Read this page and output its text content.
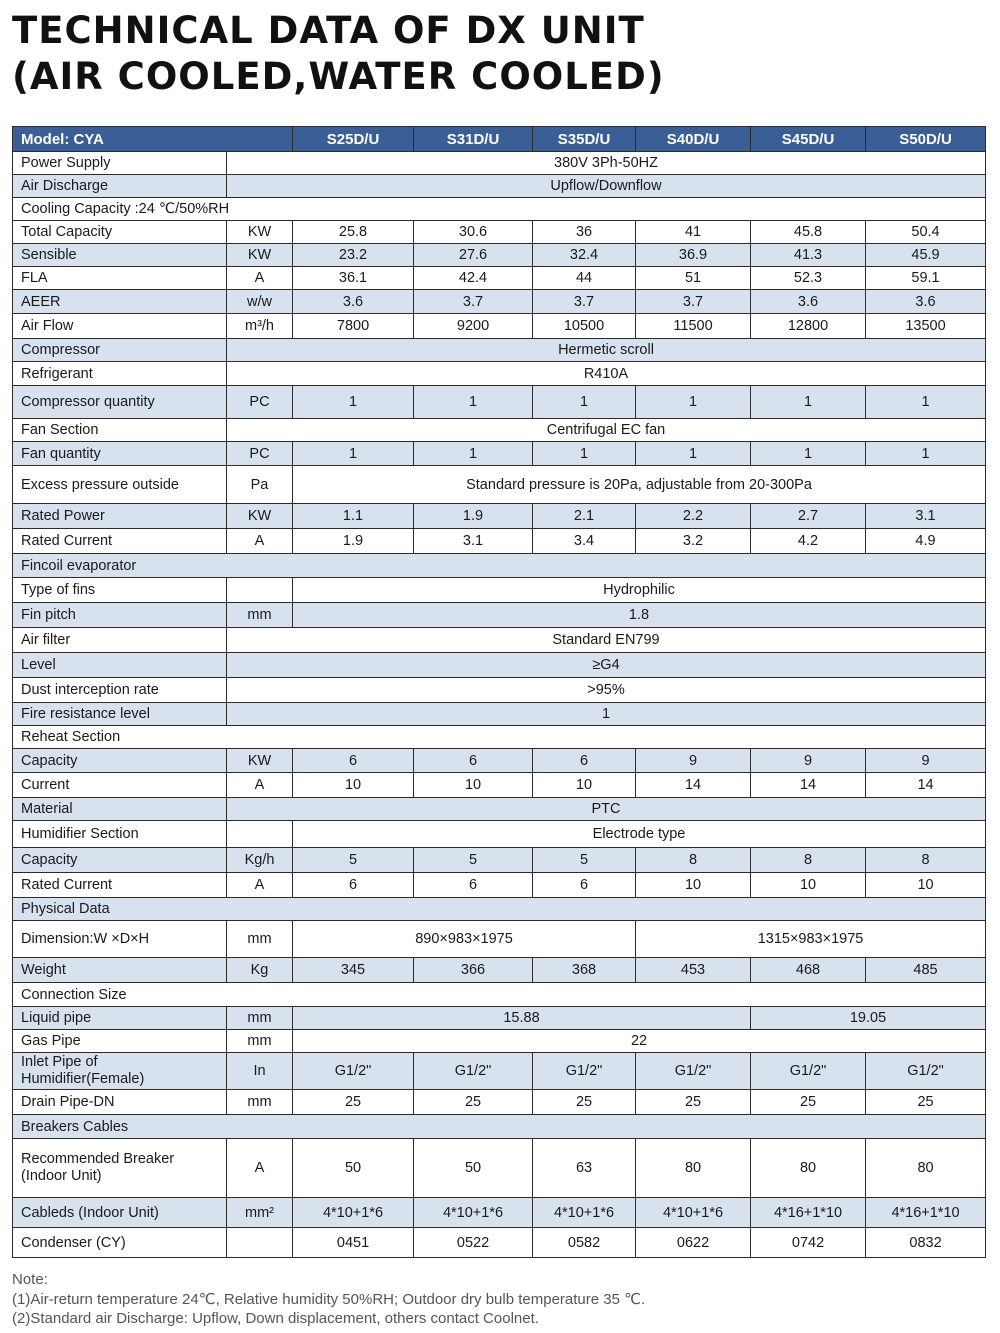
TECHNICAL DATA OF DX UNIT
(AIR COOLED,WATER COOLED)
Model: CYA		S25D/U	S31D/U	S35D/U	S40D/U	S45D/U	S50D/U
Power Supply	380V 3Ph-50HZ						
Air Discharge	Upflow/Downflow						
Cooling Capacity :24 ℃/50%RH							
Total Capacity	KW	25.8	30.6	36	41	45.8	50.4
Sensible	KW	23.2	27.6	32.4	36.9	41.3	45.9
FLA	A	36.1	42.4	44	51	52.3	59.1
AEER	w/w	3.6	3.7	3.7	3.7	3.6	3.6
Air Flow	m³/h	7800	9200	10500	11500	12800	13500
Compressor	Hermetic scroll						
Refrigerant	R410A						
Compressor quantity	PC	1	1	1	1	1	1
Fan Section	Centrifugal EC fan						
Fan quantity	PC	1	1	1	1	1	1
Excess pressure outside	Pa	Standard pressure is 20Pa, adjustable from 20-300Pa					
Rated Power	KW	1.1	1.9	2.1	2.2	2.7	3.1
Rated Current	A	1.9	3.1	3.4	3.2	4.2	4.9
Fincoil evaporator							
Type of fins		Hydrophilic					
Fin pitch	mm	1.8					
Air filter	Standard EN799						
Level	≥G4						
Dust interception rate	>95%						
Fire resistance level	1						
Reheat Section							
Capacity	KW	6	6	6	9	9	9
Current	A	10	10	10	14	14	14
Material	PTC						
Humidifier Section		Electrode type					
Capacity	Kg/h	5	5	5	8	8	8
Rated Current	A	6	6	6	10	10	10
Physical Data							
Dimension:W ×D×H	mm	890×983×1975			1315×983×1975		
Weight	Kg	345	366	368	453	468	485
Connection Size							
Liquid pipe	mm	15.88				19.05	
Gas Pipe	mm	22					
Inlet Pipe of Humidifier(Female)	In	G1/2"	G1/2"	G1/2"	G1/2"	G1/2"	G1/2"
Drain Pipe-DN	mm	25	25	25	25	25	25
Breakers Cables							
Recommended Breaker (Indoor Unit)	A	50	50	63	80	80	80
Cableds (Indoor Unit)	mm²	4*10+1*6	4*10+1*6	4*10+1*6	4*10+1*6	4*16+1*10	4*16+1*10
Condenser (CY)		0451	0522	0582	0622	0742	0832
Note:
(1)Air-return temperature 24℃, Relative humidity 50%RH; Outdoor dry bulb temperature 35 ℃.
(2)Standard air Discharge: Upflow, Down displacement, others contact Coolnet.
